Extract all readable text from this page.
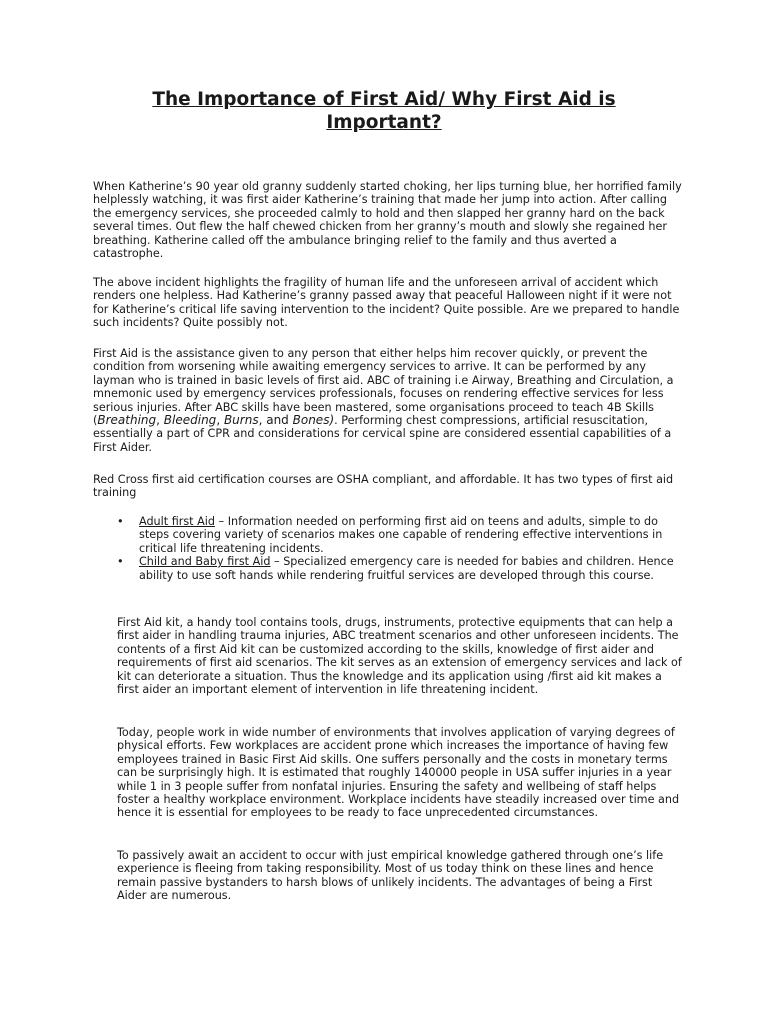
The Importance of First Aid/ Why First Aid is Important?

When Katherine’s 90 year old granny suddenly started choking, her lips turning blue, her horrified family helplessly watching, it was first aider Katherine’s training that made her jump into action. After calling the emergency services, she proceeded calmly to hold and then slapped her granny hard on the back several times. Out flew the half chewed chicken from her granny’s mouth and slowly she regained her breathing. Katherine called off the ambulance bringing relief to the family and thus averted a catastrophe.

The above incident highlights the fragility of human life and the unforeseen arrival of accident which renders one helpless. Had Katherine’s granny passed away that peaceful Halloween night if it were not for Katherine’s critical life saving intervention to the incident? Quite possible. Are we prepared to handle such incidents? Quite possibly not.

First Aid is the assistance given to any person that either helps him recover quickly, or prevent the condition from worsening while awaiting emergency services to arrive. It can be performed by any layman who is trained in basic levels of first aid. ABC of training i.e Airway, Breathing and Circulation, a mnemonic used by emergency services professionals, focuses on rendering effective services for less serious injuries. After ABC skills have been mastered, some organisations proceed to teach 4B Skills (Breathing, Bleeding, Burns, and Bones). Performing chest compressions, artificial resuscitation, essentially a part of CPR and considerations for cervical spine are considered essential capabilities of a First Aider.

Red Cross first aid certification courses are OSHA compliant, and affordable. It has two types of first aid training

• Adult first Aid – Information needed on performing first aid on teens and adults, simple to do steps covering variety of scenarios makes one capable of rendering effective interventions in critical life threatening incidents.
• Child and Baby first Aid – Specialized emergency care is needed for babies and children. Hence ability to use soft hands while rendering fruitful services are developed through this course.

First Aid kit, a handy tool contains tools, drugs, instruments, protective equipments that can help a first aider in handling trauma injuries, ABC treatment scenarios and other unforeseen incidents. The contents of a first Aid kit can be customized according to the skills, knowledge of first aider and requirements of first aid scenarios. The kit serves as an extension of emergency services and lack of kit can deteriorate a situation. Thus the knowledge and its application using /first aid kit makes a first aider an important element of intervention in life threatening incident.

Today, people work in wide number of environments that involves application of varying degrees of physical efforts. Few workplaces are accident prone which increases the importance of having few employees trained in Basic First Aid skills. One suffers personally and the costs in monetary terms can be surprisingly high. It is estimated that roughly 140000 people in USA suffer injuries in a year while 1 in 3 people suffer from nonfatal injuries. Ensuring the safety and wellbeing of staff helps foster a healthy workplace environment. Workplace incidents have steadily increased over time and hence it is essential for employees to be ready to face unprecedented circumstances.

To passively await an accident to occur with just empirical knowledge gathered through one’s life experience is fleeing from taking responsibility. Most of us today think on these lines and hence remain passive bystanders to harsh blows of unlikely incidents. The advantages of being a First Aider are numerous.
